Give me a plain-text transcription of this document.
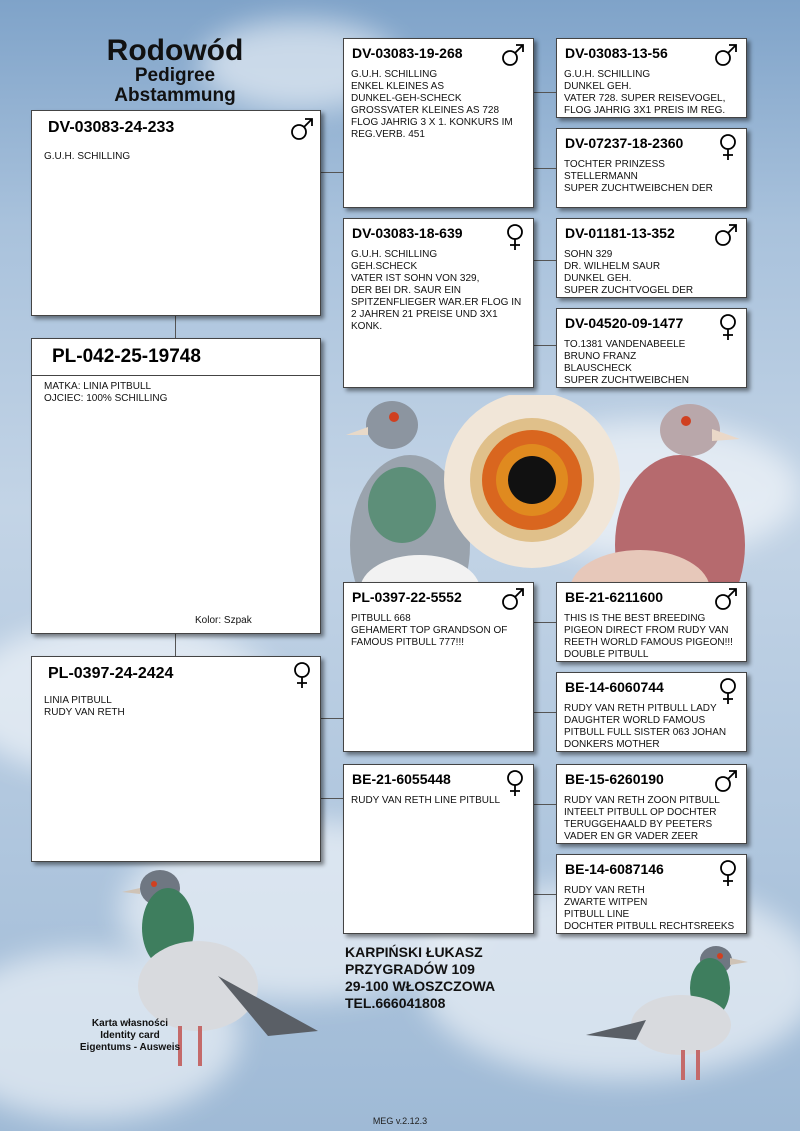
Rodowód
Pedigree
Abstammung
DV-03083-24-233
G.U.H. SCHILLING
PL-042-25-19748
MATKA: LINIA PITBULL
OJCIEC: 100% SCHILLING
Kolor: Szpak
PL-0397-24-2424
LINIA PITBULL
RUDY VAN RETH
DV-03083-19-268
G.U.H. SCHILLING
ENKEL KLEINES AS
DUNKEL-GEH-SCHECK
GROSSVATER KLEINES AS 728
FLOG JAHRIG 3 X 1. KONKURS IM
REG.VERB. 451
DV-03083-18-639
G.U.H. SCHILLING
GEH.SCHECK
VATER IST SOHN VON 329,
DER BEI DR. SAUR EIN
SPITZENFLIEGER WAR.ER FLOG IN
2 JAHREN 21 PREISE UND 3X1
KONK.
PL-0397-22-5552
PITBULL 668
GEHAMERT TOP GRANDSON OF
FAMOUS PITBULL 777!!!
BE-21-6055448
RUDY VAN RETH LINE PITBULL
DV-03083-13-56
G.U.H. SCHILLING
DUNKEL GEH.
VATER 728. SUPER REISEVOGEL,
FLOG JAHRIG 3X1 PREIS IM REG.
DV-07237-18-2360
TOCHTER PRINZESS
STELLERMANN
SUPER ZUCHTWEIBCHEN DER
DV-01181-13-352
SOHN 329
DR. WILHELM SAUR
DUNKEL GEH.
SUPER ZUCHTVOGEL DER
DV-04520-09-1477
TO.1381 VANDENABEELE
BRUNO FRANZ
BLAUSCHECK
SUPER ZUCHTWEIBCHEN
BE-21-6211600
THIS IS THE BEST BREEDING
PIGEON DIRECT FROM RUDY VAN
REETH WORLD FAMOUS PIGEON!!!
DOUBLE PITBULL
BE-14-6060744
RUDY VAN RETH PITBULL LADY
DAUGHTER WORLD FAMOUS
PITBULL FULL SISTER 063 JOHAN
DONKERS MOTHER
BE-15-6260190
RUDY VAN RETH ZOON PITBULL
INTEELT PITBULL OP DOCHTER
TERUGGEHAALD BY PEETERS
VADER EN GR VADER ZEER
BE-14-6087146
RUDY VAN RETH
ZWARTE WITPEN
PITBULL LINE
DOCHTER PITBULL RECHTSREEKS
KARPIŃSKI ŁUKASZ
PRZYGRADÓW 109
29-100 WŁOSZCZOWA
TEL.666041808
Karta własności
Identity card
Eigentums - Ausweis
MEG v.2.12.3
